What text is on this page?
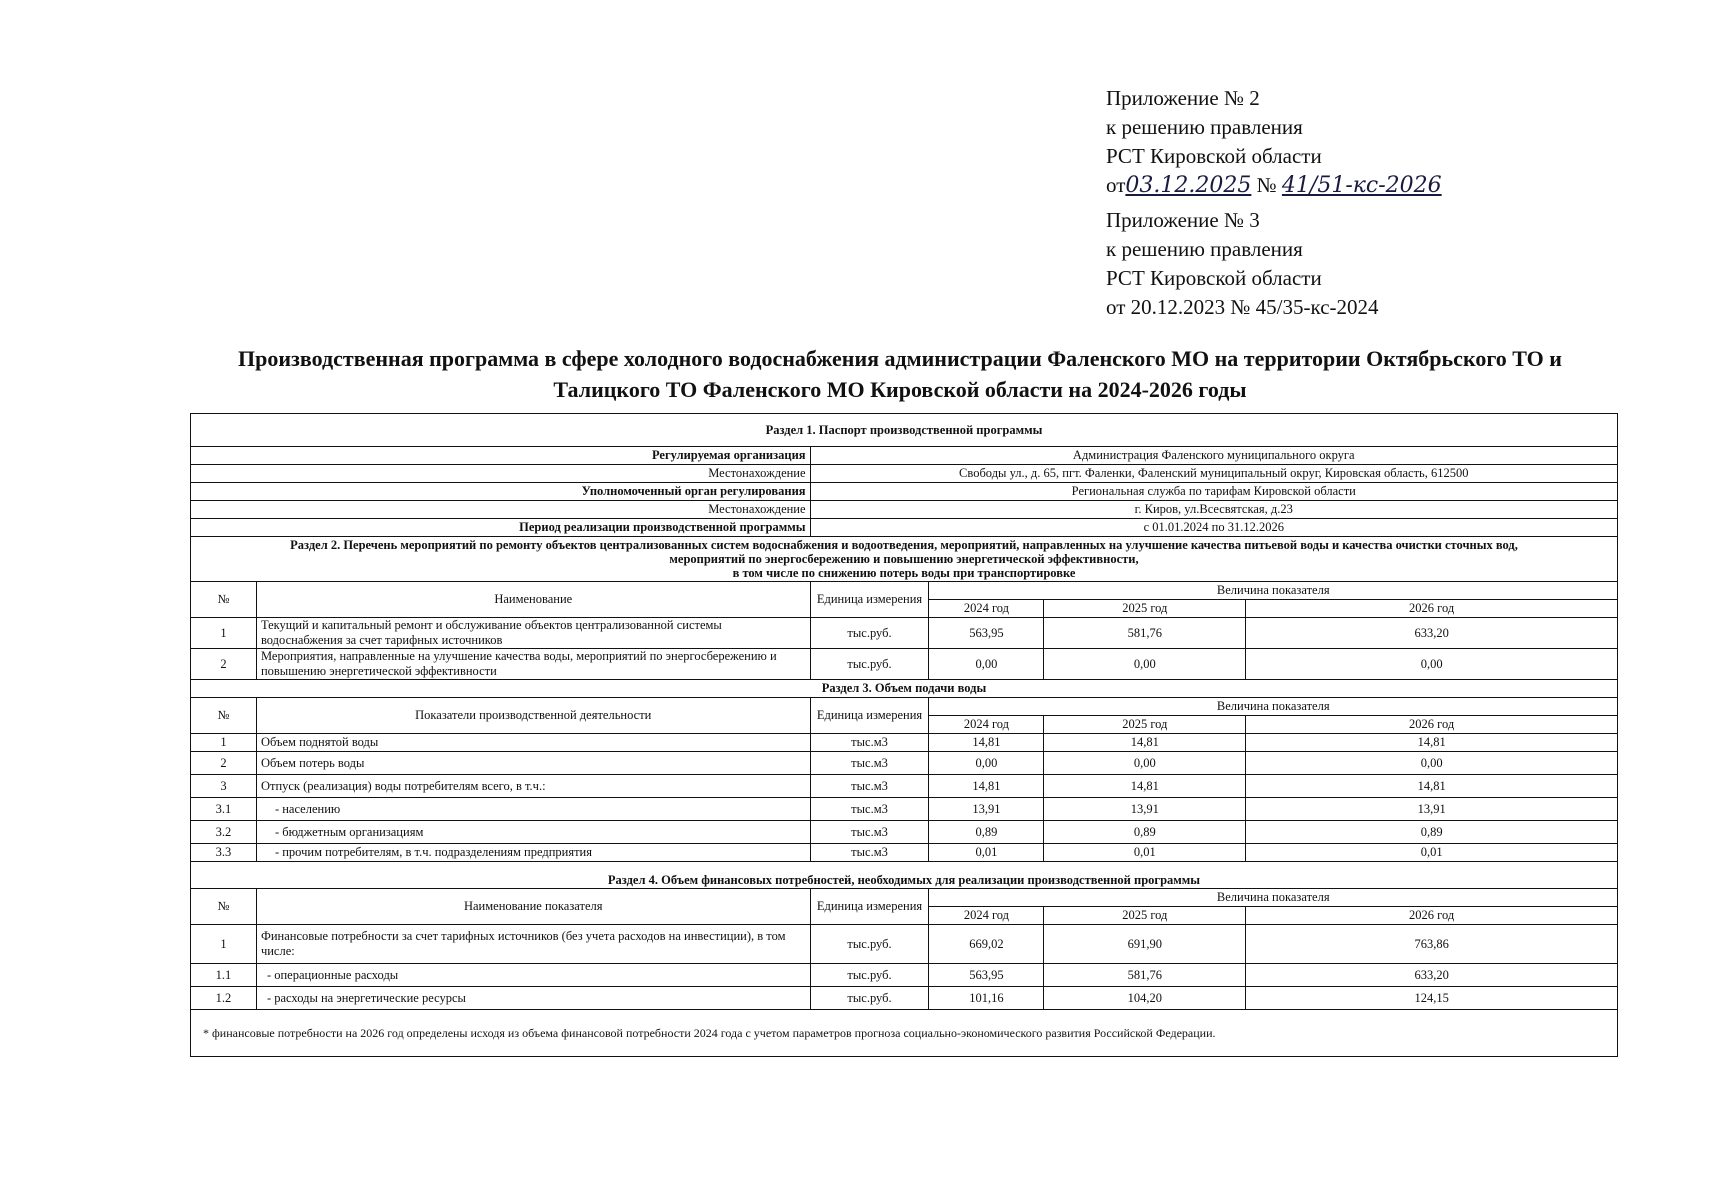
Приложение № 2
к решению правления
РСТ Кировской области
от03.12.2025 № 41/51-кс-2026
Приложение № 3
к решению правления
РСТ Кировской области
от 20.12.2023 № 45/35-кс-2024
Производственная программа в сфере холодного водоснабжения администрации Фаленского МО на территории Октябрьского ТО и
Талицкого ТО Фаленского МО Кировской области на 2024-2026 годы
Раздел 1. Паспорт производственной программы					
Регулируемая организация		Администрация Фаленского муниципального округа			
Местонахождение		Свободы ул., д. 65, пгт. Фаленки, Фаленский муниципальный округ, Кировская область, 612500			
Уполномоченный орган регулирования		Региональная служба по тарифам Кировской области			
Местонахождение		г. Киров, ул.Всесвятская, д.23			
Период реализации производственной программы		с 01.01.2024 по 31.12.2026			

Раздел 2. Перечень мероприятий по ремонту объектов централизованных систем водоснабжения и водоотведения, мероприятий, направленных на улучшение качества питьевой воды и качества очистки сточных вод,
мероприятий по энергосбережению и повышению энергетической эффективности,
в том числе по снижению потерь воды при транспортировке					

№	Наименование	Единица измерения	Величина показателя		
			2024 год	2025 год	2026 год
1	Текущий и капитальный ремонт и обслуживание объектов централизованной системы водоснабжения за счет тарифных источников	тыс.руб.	563,95	581,76	633,20
2	Мероприятия, направленные на улучшение качества воды, мероприятий по энергосбережению и повышению энергетической эффективности	тыс.руб.	0,00	0,00	0,00
Раздел 3. Объем подачи воды					
№	Показатели производственной деятельности	Единица измерения	Величина показателя		
			2024 год	2025 год	2026 год
1	Объем поднятой воды	тыс.м3	14,81	14,81	14,81
2	Объем потерь воды	тыс.м3	0,00	0,00	0,00
3	Отпуск (реализация) воды потребителям всего, в т.ч.:	тыс.м3	14,81	14,81	14,81
3.1	- населению	тыс.м3	13,91	13,91	13,91
3.2	- бюджетным организациям	тыс.м3	0,89	0,89	0,89
3.3	- прочим потребителям, в т.ч. подразделениям предприятия	тыс.м3	0,01	0,01	0,01
Раздел 4. Объем финансовых потребностей, необходимых для реализации производственной программы					
№	Наименование показателя	Единица измерения	Величина показателя		
			2024 год	2025 год	2026 год
1	Финансовые потребности за счет тарифных источников (без учета расходов на инвестиции), в том числе:	тыс.руб.	669,02	691,90	763,86
1.1	- операционные расходы	тыс.руб.	563,95	581,76	633,20
1.2	- расходы на энергетические ресурсы	тыс.руб.	101,16	104,20	124,15
* финансовые потребности на 2026 год определены исходя из объема финансовой потребности 2024 года с учетом параметров прогноза социально-экономического развития Российской Федерации.					
